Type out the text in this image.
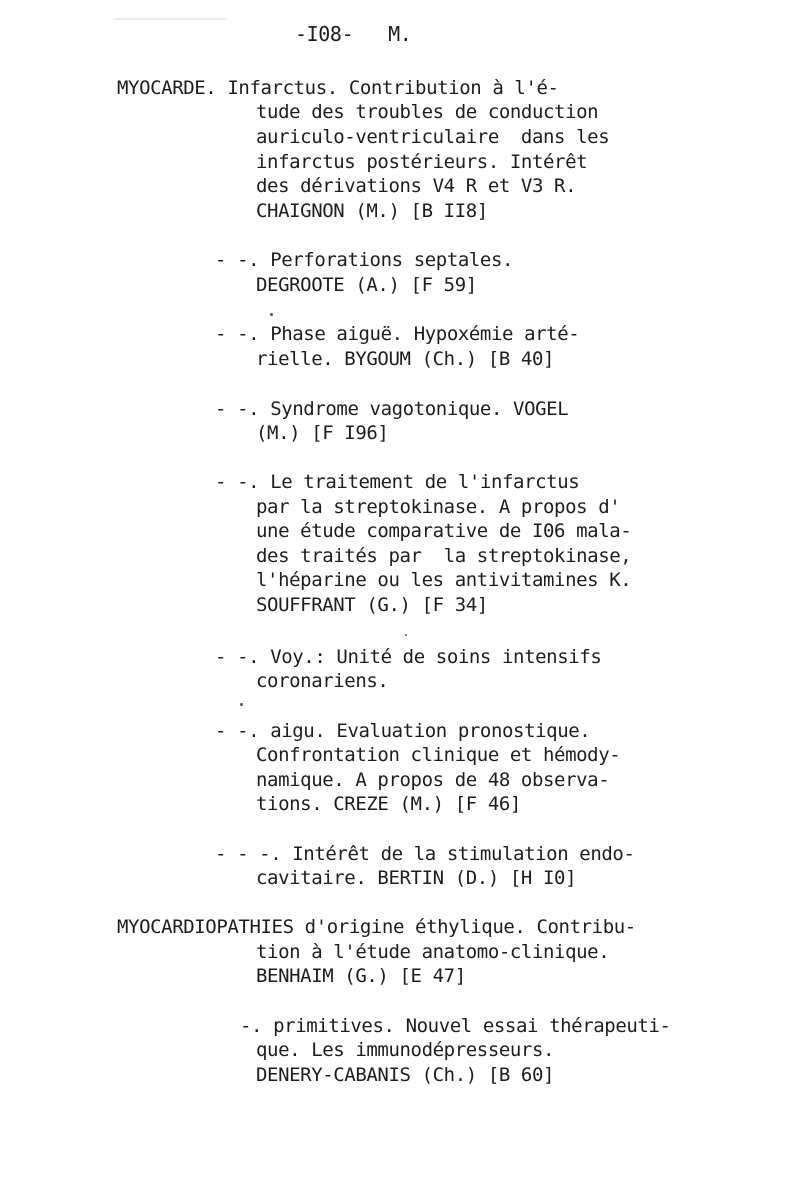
-I08- M.
MYOCARDE. Infarctus. Contribution à l'é-
tude des troubles de conduction
auriculo-ventriculaire  dans les
infarctus postérieurs. Intérêt
des dérivations V4 R et V3 R.
CHAIGNON (M.) [B II8]
- -. Perforations septales.
DEGROOTE (A.) [F 59]
- -. Phase aiguë. Hypoxémie arté-
rielle. BYGOUM (Ch.) [B 40]
- -. Syndrome vagotonique. VOGEL
(M.) [F I96]
- -. Le traitement de l'infarctus
par la streptokinase. A propos d'
une étude comparative de I06 mala-
des traités par  la streptokinase,
l'héparine ou les antivitamines K.
SOUFFRANT (G.) [F 34]
- -. Voy.: Unité de soins intensifs
coronariens.
- -. aigu. Evaluation pronostique.
Confrontation clinique et hémody-
namique. A propos de 48 observa-
tions. CREZE (M.) [F 46]
- - -. Intérêt de la stimulation endo-
cavitaire. BERTIN (D.) [H I0]
MYOCARDIOPATHIES d'origine éthylique. Contribu-
tion à l'étude anatomo-clinique.
BENHAIM (G.) [E 47]
-. primitives. Nouvel essai thérapeuti-
que. Les immunodépresseurs.
DENERY-CABANIS (Ch.) [B 60]
